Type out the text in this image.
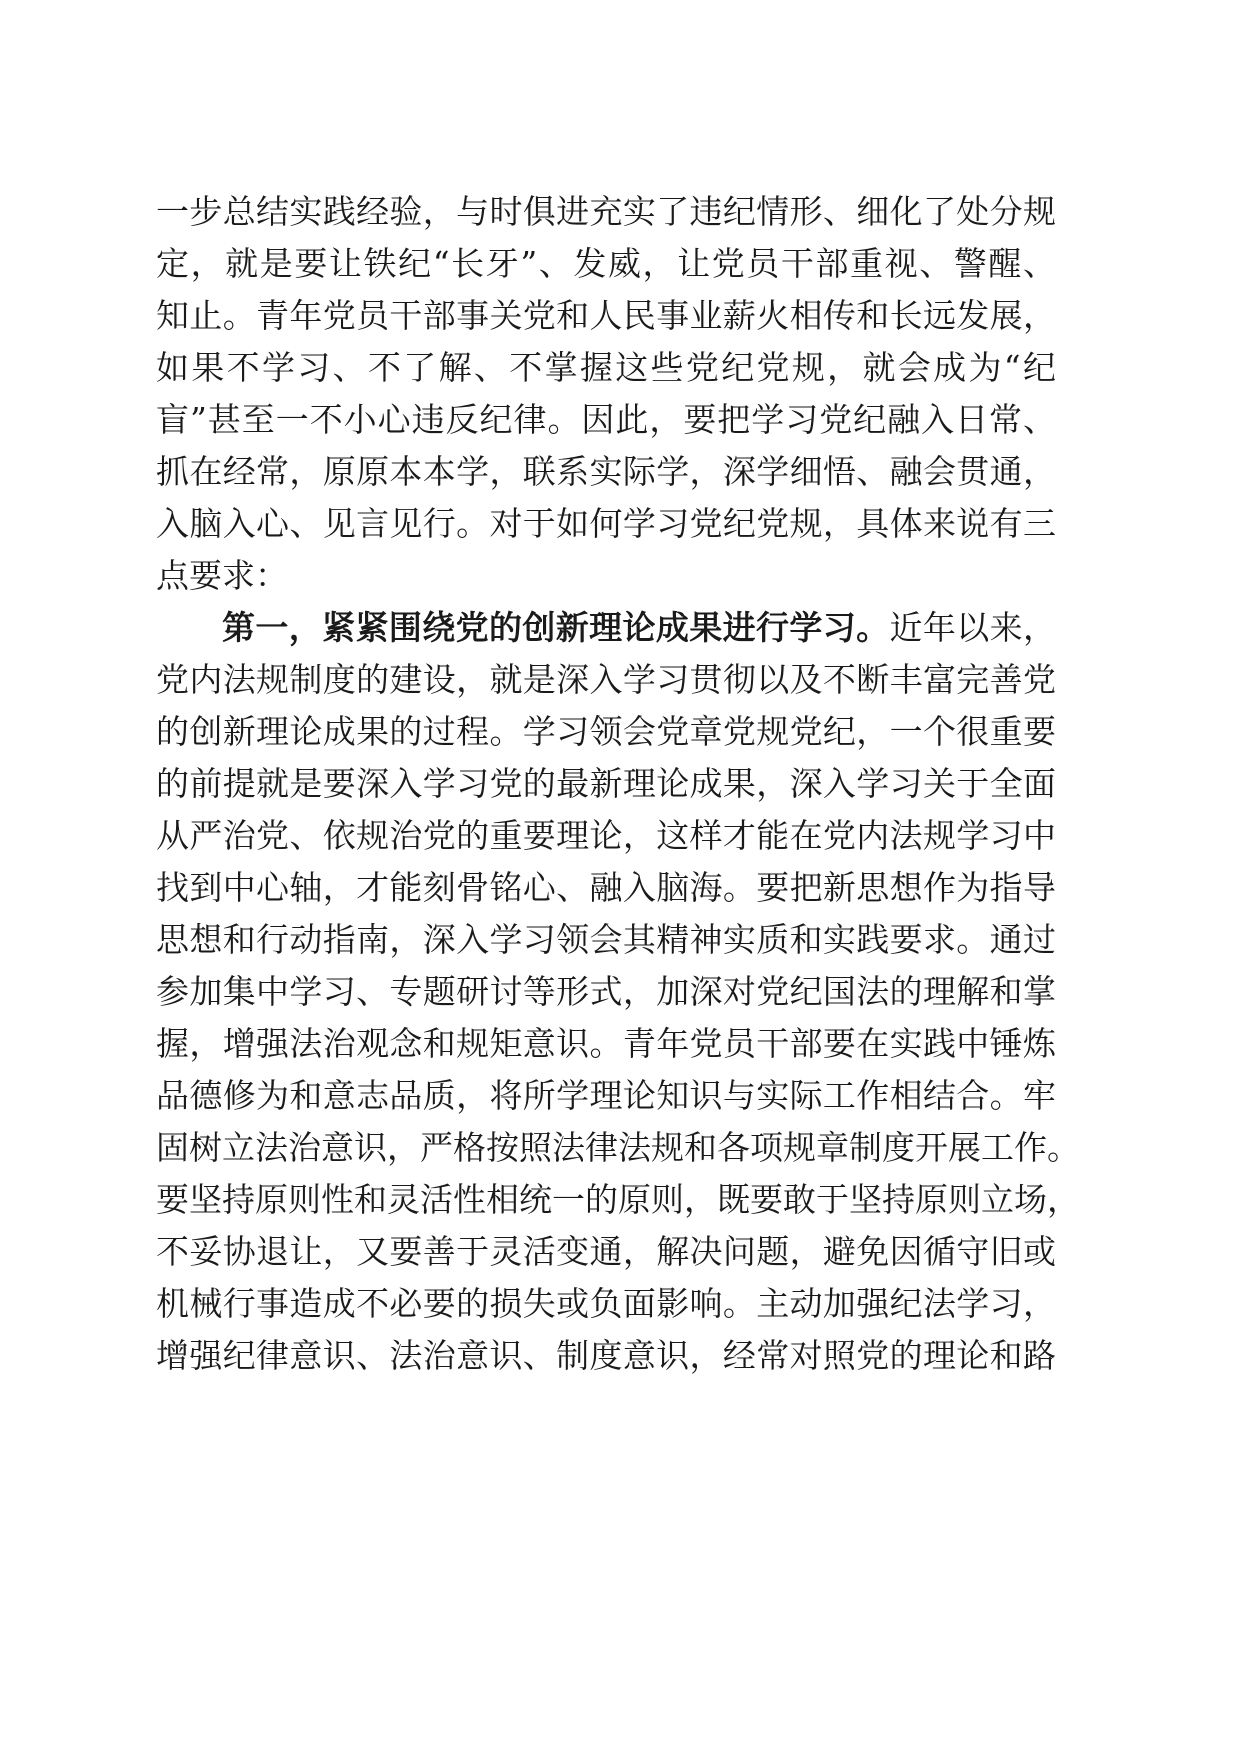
一步总结实践经验，与时俱进充实了违纪情形、细化了处分规

定，就是要让铁纪“长牙”、发威，让党员干部重视、警醒、

知止。青年党员干部事关党和人民事业薪火相传和长远发展，

如果不学习、不了解、不掌握这些党纪党规，就会成为“纪

盲”甚至一不小心违反纪律。因此，要把学习党纪融入日常、

抓在经常，原原本本学，联系实际学，深学细悟、融会贯通，

入脑入心、见言见行。对于如何学习党纪党规，具体来说有三

点要求：

第一，紧紧围绕党的创新理论成果进行学习。近年以来，

党内法规制度的建设，就是深入学习贯彻以及不断丰富完善党

的创新理论成果的过程。学习领会党章党规党纪，一个很重要

的前提就是要深入学习党的最新理论成果，深入学习关于全面

从严治党、依规治党的重要理论，这样才能在党内法规学习中

找到中心轴，才能刻骨铭心、融入脑海。要把新思想作为指导

思想和行动指南，深入学习领会其精神实质和实践要求。通过

参加集中学习、专题研讨等形式，加深对党纪国法的理解和掌

握，增强法治观念和规矩意识。青年党员干部要在实践中锤炼

品德修为和意志品质，将所学理论知识与实际工作相结合。牢

固树立法治意识，严格按照法律法规和各项规章制度开展工作。

要坚持原则性和灵活性相统一的原则，既要敢于坚持原则立场，

不妥协退让，又要善于灵活变通，解决问题，避免因循守旧或

机械行事造成不必要的损失或负面影响。主动加强纪法学习，

增强纪律意识、法治意识、制度意识，经常对照党的理论和路
